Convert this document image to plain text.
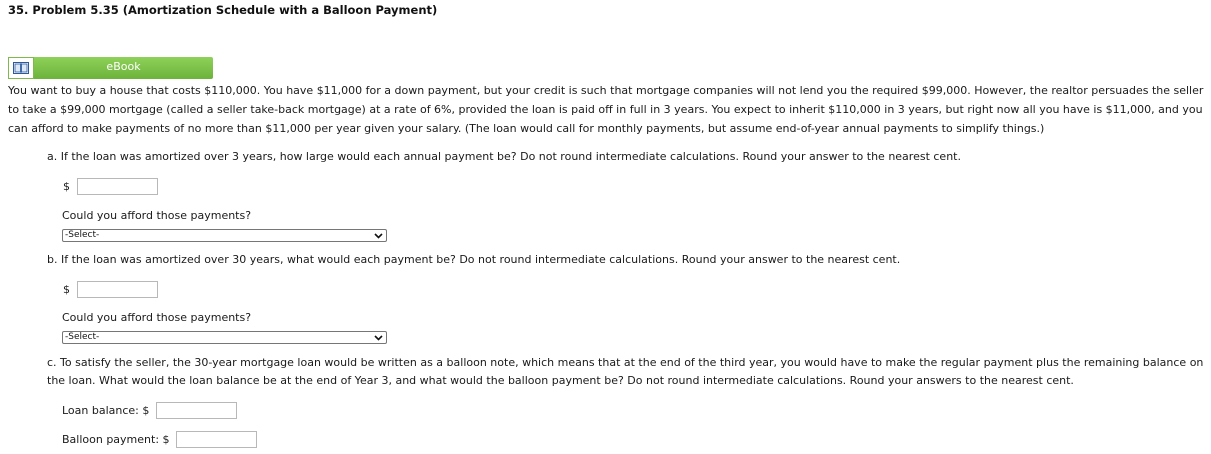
35. Problem 5.35 (Amortization Schedule with a Balloon Payment)
eBook
You want to buy a house that costs $110,000. You have $11,000 for a down payment, but your credit is such that mortgage companies will not lend you the required $99,000. However, the realtor persuades the seller to take a $99,000 mortgage (called a seller take-back mortgage) at a rate of 6%, provided the loan is paid off in full in 3 years. You expect to inherit $110,000 in 3 years, but right now all you have is $11,000, and you can afford to make payments of no more than $11,000 per year given your salary. (The loan would call for monthly payments, but assume end-of-year annual payments to simplify things.)
a. If the loan was amortized over 3 years, how large would each annual payment be? Do not round intermediate calculations. Round your answer to the nearest cent.
$
Could you afford those payments?
-Select-
b. If the loan was amortized over 30 years, what would each payment be? Do not round intermediate calculations. Round your answer to the nearest cent.
$
Could you afford those payments?
-Select-
c. To satisfy the seller, the 30-year mortgage loan would be written as a balloon note, which means that at the end of the third year, you would have to make the regular payment plus the remaining balance on the loan. What would the loan balance be at the end of Year 3, and what would the balloon payment be? Do not round intermediate calculations. Round your answers to the nearest cent.
Loan balance: $
Balloon payment: $
